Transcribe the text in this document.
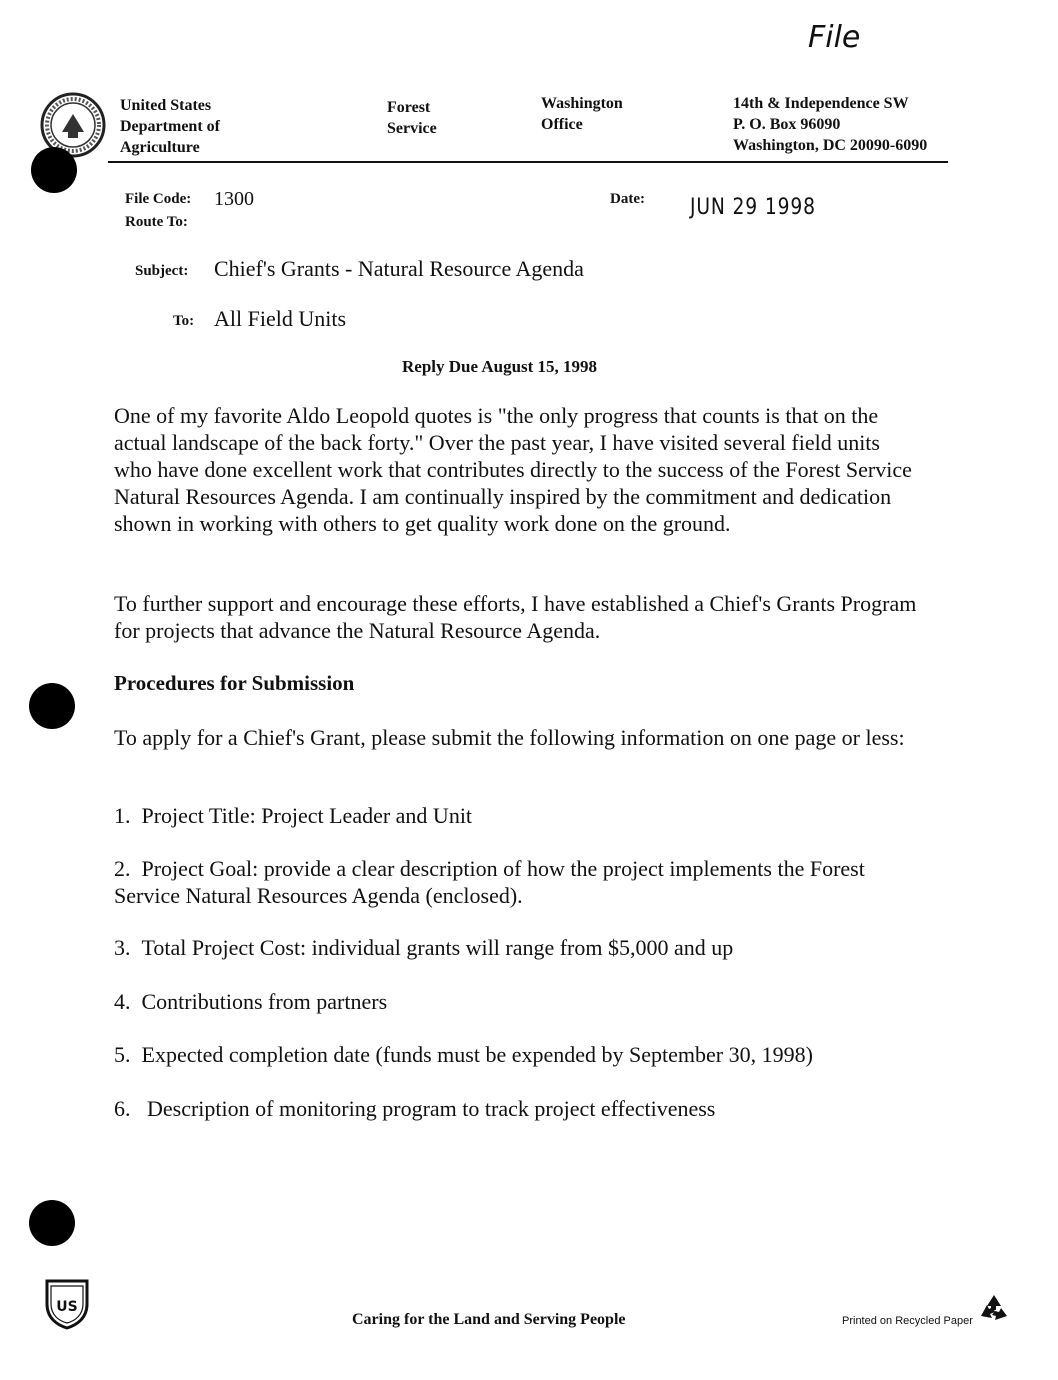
File
United States
Department of
Agriculture
Forest
Service
Washington
Office
14th & Independence SW
P. O. Box 96090
Washington, DC 20090-6090
File Code: 1300
Route To:
Date: JUN 29 1998
Subject: Chief's Grants - Natural Resource Agenda
To: All Field Units
Reply Due August 15, 1998
One of my favorite Aldo Leopold quotes is "the only progress that counts is that on the actual landscape of the back forty." Over the past year, I have visited several field units who have done excellent work that contributes directly to the success of the Forest Service Natural Resources Agenda. I am continually inspired by the commitment and dedication shown in working with others to get quality work done on the ground.
To further support and encourage these efforts, I have established a Chief's Grants Program for projects that advance the Natural Resource Agenda.
Procedures for Submission
To apply for a Chief's Grant, please submit the following information on one page or less:
1. Project Title: Project Leader and Unit
2. Project Goal: provide a clear description of how the project implements the Forest Service Natural Resources Agenda (enclosed).
3. Total Project Cost: individual grants will range from $5,000 and up
4. Contributions from partners
5. Expected completion date (funds must be expended by September 30, 1998)
6. Description of monitoring program to track project effectiveness
US
Caring for the Land and Serving People	Printed on Recycled Paper
